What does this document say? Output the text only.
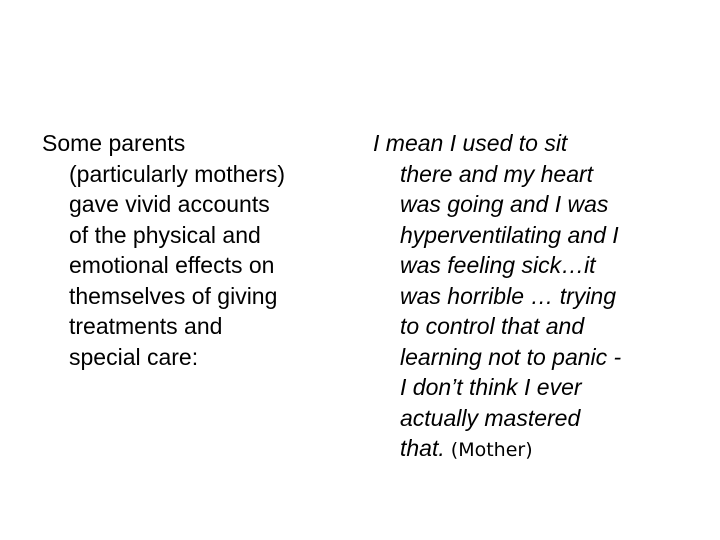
Some parents
(particularly mothers)
gave vivid accounts
of the physical and
emotional effects on
themselves of giving
treatments and
special care:

I mean I used to sit
there and my heart
was going and I was
hyperventilating and I
was feeling sick…it
was horrible … trying
to control that and
learning not to panic -
I don’t think I ever
actually mastered
that. (Mother)
